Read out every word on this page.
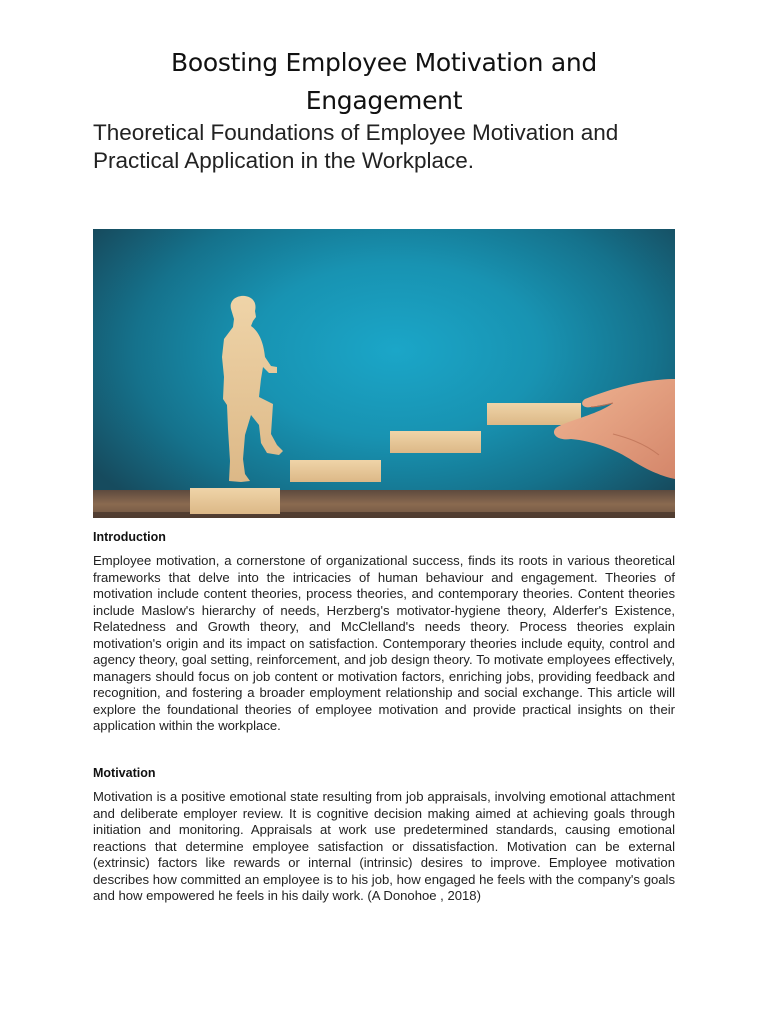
Boosting Employee Motivation and Engagement
Theoretical Foundations of Employee Motivation and Practical Application in the Workplace.
Introduction

Employee motivation, a cornerstone of organizational success, finds its roots in various theoretical frameworks that delve into the intricacies of human behaviour and engagement. Theories of motivation include content theories, process theories, and contemporary theories. Content theories include Maslow's hierarchy of needs, Herzberg's motivator-hygiene theory, Alderfer's Existence, Relatedness and Growth theory, and McClelland's needs theory. Process theories explain motivation's origin and its impact on satisfaction. Contemporary theories include equity, control and agency theory, goal setting, reinforcement, and job design theory. To motivate employees effectively, managers should focus on job content or motivation factors, enriching jobs, providing feedback and recognition, and fostering a broader employment relationship and social exchange. This article will explore the foundational theories of employee motivation and provide practical insights on their application within the workplace.

Motivation

Motivation is a positive emotional state resulting from job appraisals, involving emotional attachment and deliberate employer review. It is cognitive decision making aimed at achieving goals through initiation and monitoring. Appraisals at work use predetermined standards, causing emotional reactions that determine employee satisfaction or dissatisfaction. Motivation can be external (extrinsic) factors like rewards or internal (intrinsic) desires to improve. Employee motivation describes how committed an employee is to his job, how engaged he feels with the company's goals and how empowered he feels in his daily work. (A Donohoe , 2018)
